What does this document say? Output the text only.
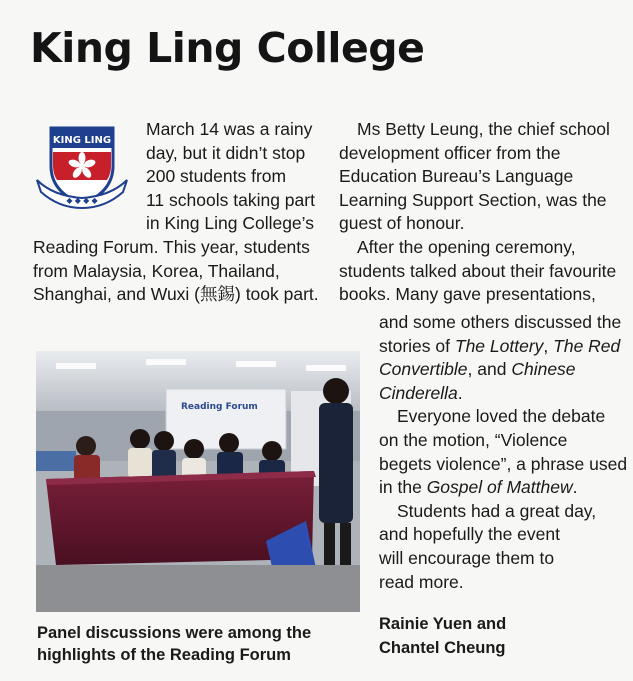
King Ling College
KING LING
◆ ◆ ◆ ◆
March 14 was a rainy
day, but it didn’t stop
200 students from
11 schools taking part
in King Ling College’s
Reading Forum. This year, students
from Malaysia, Korea, Thailand,
Shanghai, and Wuxi (無錫) took part.
Ms Betty Leung, the chief school
development officer from the
Education Bureau’s Language
Learning Support Section, was the
guest of honour.
After the opening ceremony,
students talked about their favourite
books. Many gave presentations,
and some others discussed the
stories of The Lottery, The Red
Convertible, and Chinese
Cinderella.
Everyone loved the debate
on the motion, “Violence
begets violence”, a phrase used
in the Gospel of Matthew.
Students had a great day,
and hopefully the event
will encourage them to
read more.
Reading Forum
Panel discussions were among the
highlights of the Reading Forum
Rainie Yuen and
Chantel Cheung
